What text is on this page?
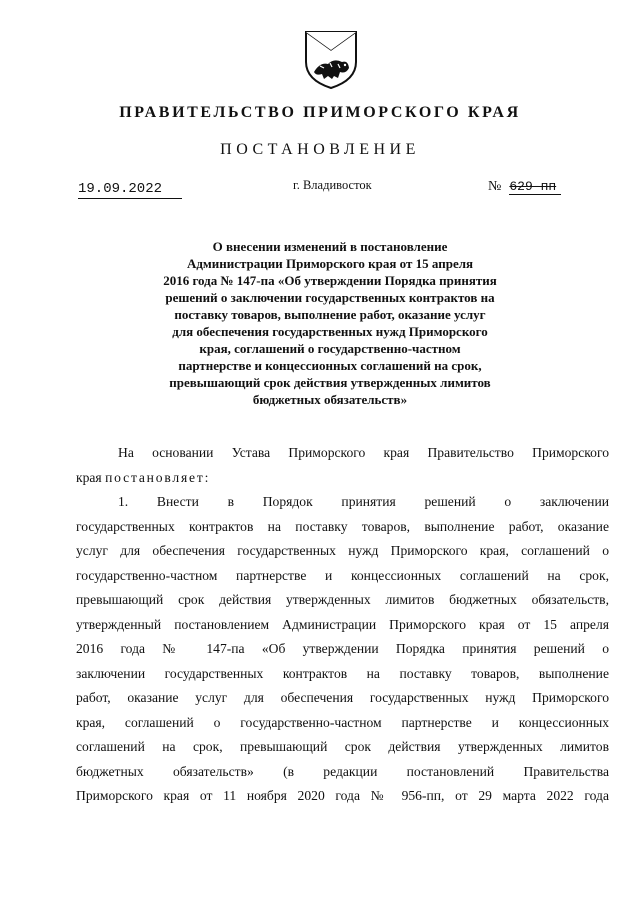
ПРАВИТЕЛЬСТВО ПРИМОРСКОГО КРАЯ
ПОСТАНОВЛЕНИЕ
19.09.2022	г. Владивосток	№ 629-пп
О внесении изменений в постановление
Администрации Приморского края от 15 апреля
2016 года № 147-па «Об утверждении Порядка принятия
решений о заключении государственных контрактов на
поставку товаров, выполнение работ, оказание услуг
для обеспечения государственных нужд Приморского
края, соглашений о государственно-частном
партнерстве и концессионных соглашений на срок,
превышающий срок действия утвержденных лимитов
бюджетных обязательств»
На основании Устава Приморского края Правительство Приморского
края постановляет:
1. Внести в Порядок принятия решений о заключении
государственных контрактов на поставку товаров, выполнение работ, оказание
услуг для обеспечения государственных нужд Приморского края, соглашений о
государственно-частном партнерстве и концессионных соглашений на срок,
превышающий срок действия утвержденных лимитов бюджетных обязательств,
утвержденный постановлением Администрации Приморского края от 15 апреля
2016 года № 147-па «Об утверждении Порядка принятия решений о
заключении государственных контрактов на поставку товаров, выполнение
работ, оказание услуг для обеспечения государственных нужд Приморского
края, соглашений о государственно-частном партнерстве и концессионных
соглашений на срок, превышающий срок действия утвержденных лимитов
бюджетных обязательств» (в редакции постановлений Правительства
Приморского края от 11 ноября 2020 года № 956-пп, от 29 марта 2022 года
